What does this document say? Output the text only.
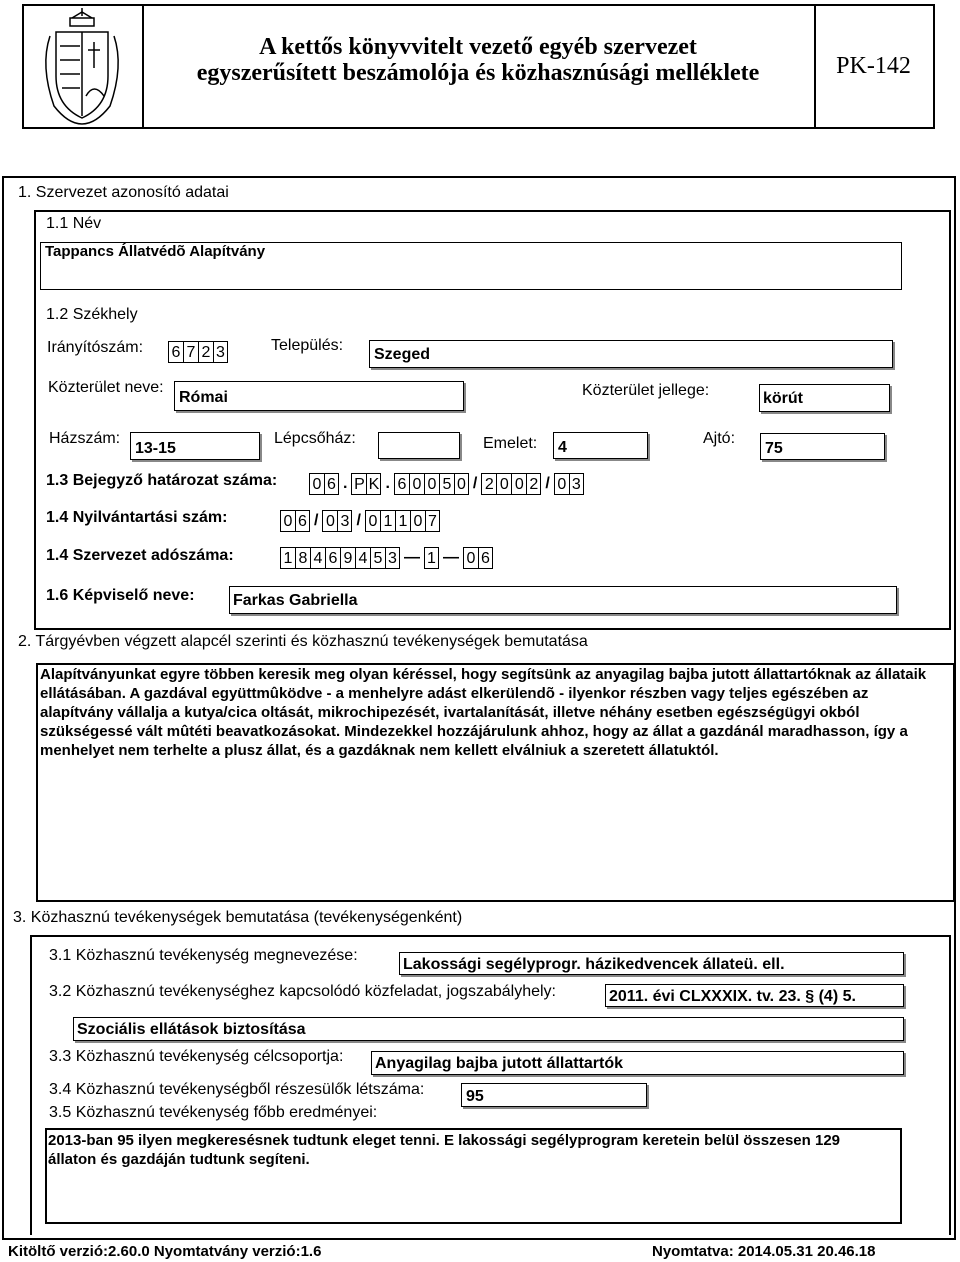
A kettős könyvvitelt vezető egyéb szervezet
egyszerűsített beszámolója és közhasznúsági melléklete	PK-142
1. Szervezet azonosító adatai
1.1 Név
Tappancs Állatvédõ Alapítvány
1.2 Székhely
Irányítószám: 6 7 2 3	Település:
Szeged
Közterület neve:
Római	Közterület jellege:	körút
Házszám:
13-15
Lépcsőház:	Emelet: 4
Ajtó:
75
1.3 Bejegyző határozat száma: 0 6 . P K . 6 0 0 5 0 / 2 0 0 2 / 0 3
1.4 Nyilvántartási szám:	0 6 / 0 3 / 0 1 1 0 7
1.4 Szervezet adószáma:	1 8 4 6 9 4 5 3 — 1 — 0 6
1.6 Képviselő neve: Farkas Gabriella
2. Tárgyévben végzett alapcél szerinti és közhasznú tevékenységek bemutatása
Alapítványunkat egyre többen keresik meg olyan kéréssel, hogy segítsünk az anyagilag bajba jutott állattartóknak az állataik ellátásában. A gazdával együttmûködve - a menhelyre adást elkerülendõ - ilyenkor részben vagy teljes egészében az alapítvány vállalja a kutya/cica oltását, mikrochipezését, ivartalanítását, illetve néhány esetben egészségügyi okból szükségessé vált mûtéti beavatkozásokat. Mindezekkel hozzájárulunk ahhoz, hogy az állat a gazdánál maradhasson, így a menhelyet nem terhelte a plusz állat, és a gazdáknak nem kellett elválniuk a szeretett állatuktól.
3. Közhasznú tevékenységek bemutatása (tevékenységenként)
3.1 Közhasznú tevékenység megnevezése:
Lakossági segélyprogr. házikedvencek állateü. ell.
3.2 Közhasznú tevékenységhez kapcsolódó közfeladat, jogszabályhely:	2011. évi CLXXXIX. tv. 23. § (4) 5.
Szociális ellátások biztosítása
3.3 Közhasznú tevékenység célcsoportja: Anyagilag bajba jutott állattartók
3.4 Közhasznú tevékenységből részesülők létszáma:	95
3.5 Közhasznú tevékenység főbb eredményei:
2013-ban 95 ilyen megkeresésnek tudtunk eleget tenni. E lakossági segélyprogram keretein belül összesen 129 állaton és gazdáján tudtunk segíteni.
Kitöltő verzió:2.60.0 Nyomtatvány verzió:1.6	Nyomtatva: 2014.05.31 20.46.18
